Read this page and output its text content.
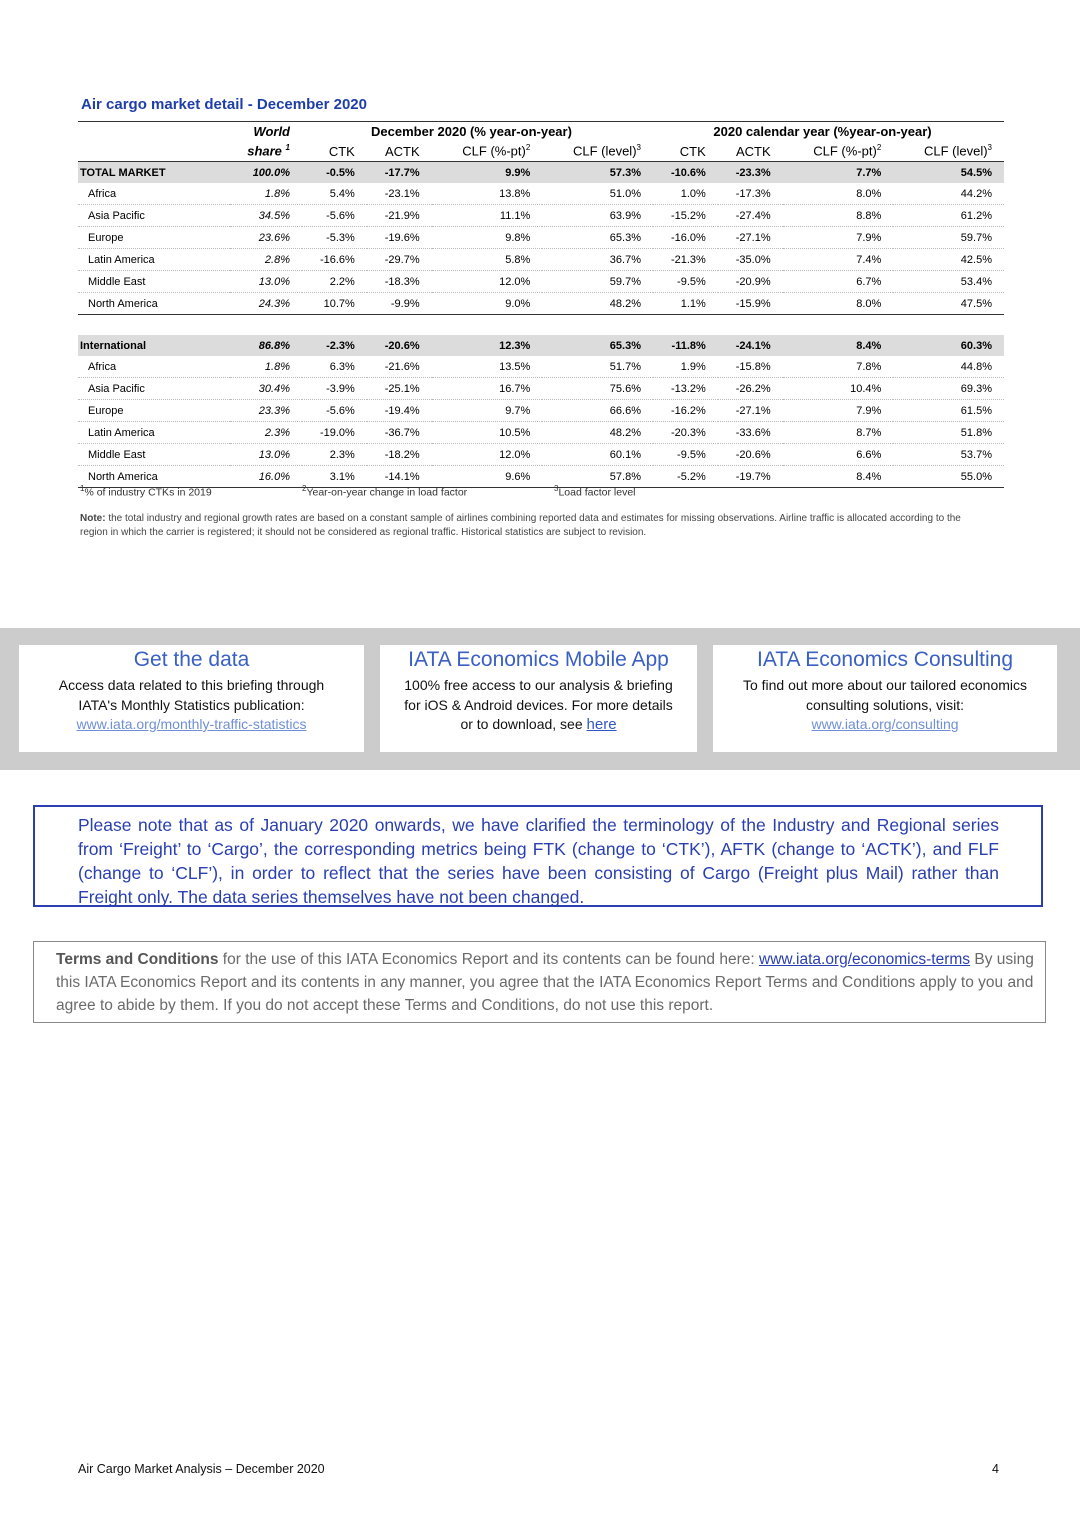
Air cargo market detail - December 2020
	World	December 2020 (% year-on-year)				2020 calendar year (%year-on-year)			
	share $^1$	CTK	ACTK	CLF $(\%-pt)^2$	CLF (level)$^3$	CTK	ACTK	CLF $(\%-pt)^2$	CLF (level)$^3$
TOTAL MARKET	100.0%	-0.5%	-17.7%	9.9%	57.3%	-10.6%	-23.3%	7.7%	54.5%
Africa	1.8%	5.4%	-23.1%	13.8%	51.0%	1.0%	-17.3%	8.0%	44.2%
Asia Pacific	34.5%	-5.6%	-21.9%	11.1%	63.9%	-15.2%	-27.4%	8.8%	61.2%
Europe	23.6%	-5.3%	-19.6%	9.8%	65.3%	-16.0%	-27.1%	7.9%	59.7%
Latin America	2.8%	-16.6%	-29.7%	5.8%	36.7%	-21.3%	-35.0%	7.4%	42.5%
Middle East	13.0%	2.2%	-18.3%	12.0%	59.7%	-9.5%	-20.9%	6.7%	53.4%
North America	24.3%	10.7%	-9.9%	9.0%	48.2%	1.1%	-15.9%	8.0%	47.5%

International	86.8%	-2.3%	-20.6%	12.3%	65.3%	-11.8%	-24.1%	8.4%	60.3%
Africa	1.8%	6.3%	-21.6%	13.5%	51.7%	1.9%	-15.8%	7.8%	44.8%
Asia Pacific	30.4%	-3.9%	-25.1%	16.7%	75.6%	-13.2%	-26.2%	10.4%	69.3%
Europe	23.3%	-5.6%	-19.4%	9.7%	66.6%	-16.2%	-27.1%	7.9%	61.5%
Latin America	2.3%	-19.0%	-36.7%	10.5%	48.2%	-20.3%	-33.6%	8.7%	51.8%
Middle East	13.0%	2.3%	-18.2%	12.0%	60.1%	-9.5%	-20.6%	6.6%	53.7%
North America	16.0%	3.1%	-14.1%	9.6%	57.8%	-5.2%	-19.7%	8.4%	55.0%
$^1$% of industry CTKs in 2019	$^2$Year-on-year change in load factor	$^3$Load factor level
Note: the total industry and regional growth rates are based on a constant sample of airlines combining reported data and estimates for missing observations. Airline traffic is allocated according to the region in which the carrier is registered; it should not be considered as regional traffic. Historical statistics are subject to revision.
Get the data
Access data related to this briefing through
IATA's Monthly Statistics publication:
www.iata.org/monthly-traffic-statistics
IATA Economics Mobile App
100% free access to our analysis & briefing
for iOS & Android devices. For more details
or to download, see here
IATA Economics Consulting
To find out more about our tailored economics
consulting solutions, visit:
www.iata.org/consulting
Please note that as of January 2020 onwards, we have clarified the terminology of the Industry and Regional series from ‘Freight’ to ‘Cargo’, the corresponding metrics being FTK (change to ‘CTK’), AFTK (change to ‘ACTK’), and FLF (change to ‘CLF’), in order to reflect that the series have been consisting of Cargo (Freight plus Mail) rather than Freight only. The data series themselves have not been changed.
Terms and Conditions for the use of this IATA Economics Report and its contents can be found here: www.iata.org/economics-terms By using this IATA Economics Report and its contents in any manner, you agree that the IATA Economics Report Terms and Conditions apply to you and agree to abide by them. If you do not accept these Terms and Conditions, do not use this report.
Air Cargo Market Analysis – December 2020	4
